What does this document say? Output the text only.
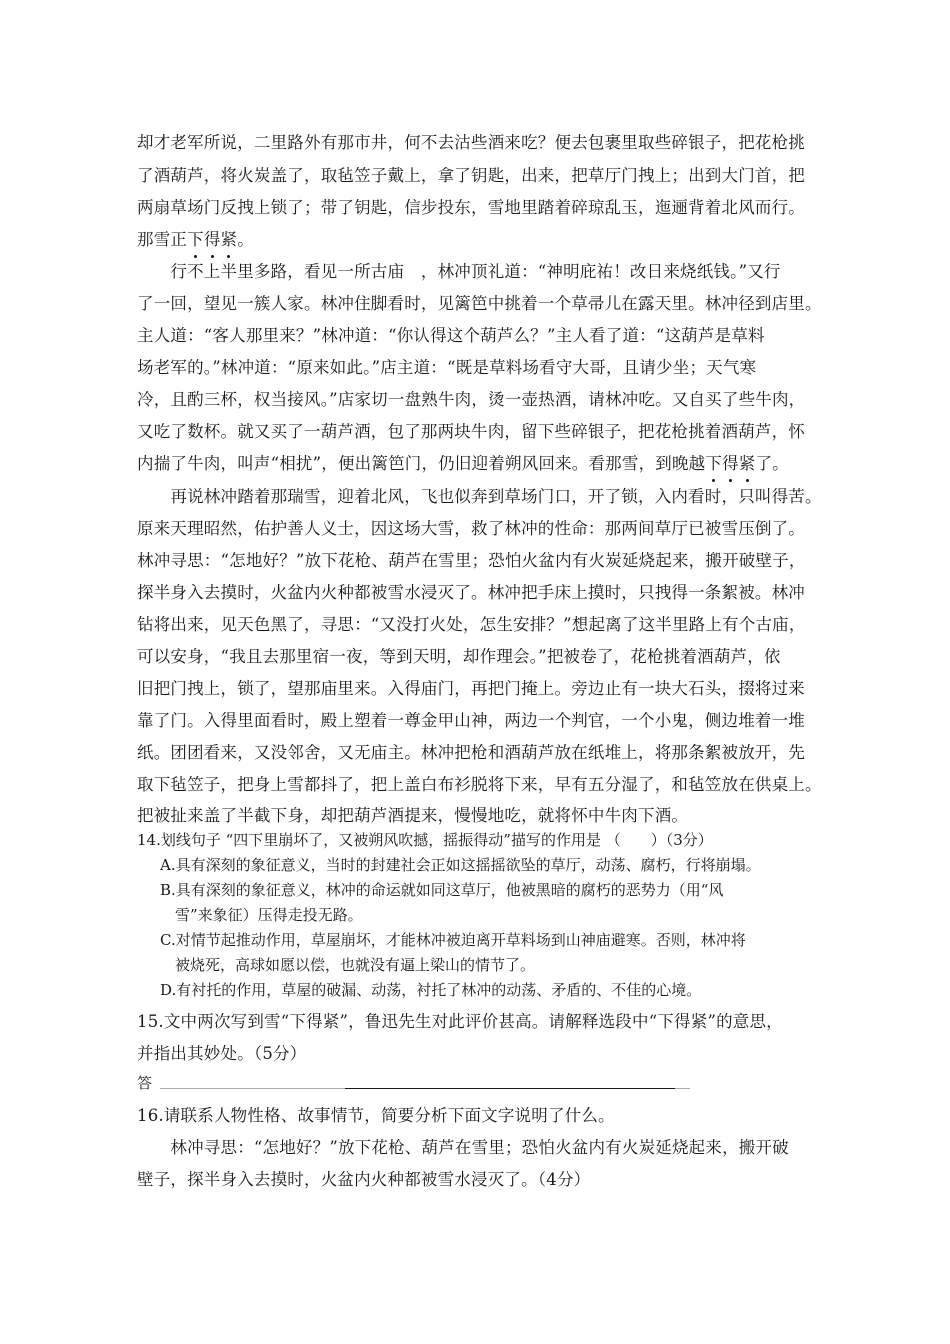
却才老军所说，二里路外有那市井，何不去沽些酒来吃？便去包裹里取些碎银子，把花枪挑
了酒葫芦，将火炭盖了，取毡笠子戴上，拿了钥匙，出来，把草厅门拽上；出到大门首，把
两扇草场门反拽上锁了；带了钥匙，信步投东，雪地里踏着碎琼乱玉，迤逦背着北风而行。
那雪正下得紧。
　　行不上半里多路，看见一所古庙　，林冲顶礼道：“神明庇祐！改日来烧纸钱。”又行
了一回，望见一簇人家。林冲住脚看时，见篱笆中挑着一个草帚儿在露天里。林冲径到店里。
主人道：“客人那里来？”林冲道：“你认得这个葫芦么？”主人看了道：“这葫芦是草料
场老军的。”林冲道：“原来如此。”店主道：“既是草料场看守大哥，且请少坐；天气寒
冷，且酌三杯，权当接风。”店家切一盘熟牛肉，烫一壶热酒，请林冲吃。又自买了些牛肉，
又吃了数杯。就又买了一葫芦酒，包了那两块牛肉，留下些碎银子，把花枪挑着酒葫芦，怀
内揣了牛肉，叫声“相扰”，便出篱笆门，仍旧迎着朔风回来。看那雪，到晚越下得紧了。
　　再说林冲踏着那瑞雪，迎着北风，飞也似奔到草场门口，开了锁，入内看时，只叫得苦。
原来天理昭然，佑护善人义士，因这场大雪，救了林冲的性命：那两间草厅已被雪压倒了。
林冲寻思：“怎地好？”放下花枪、葫芦在雪里；恐怕火盆内有火炭延烧起来，搬开破壁子，
探半身入去摸时，火盆内火种都被雪水浸灭了。林冲把手床上摸时，只拽得一条絮被。林冲
钻将出来，见天色黑了，寻思：“又没打火处，怎生安排？”想起离了这半里路上有个古庙，
可以安身，“我且去那里宿一夜，等到天明，却作理会。”把被卷了，花枪挑着酒葫芦，依
旧把门拽上，锁了，望那庙里来。入得庙门，再把门掩上。旁边止有一块大石头，掇将过来
靠了门。入得里面看时，殿上塑着一尊金甲山神，两边一个判官，一个小鬼，侧边堆着一堆
纸。团团看来，又没邻舍，又无庙主。林冲把枪和酒葫芦放在纸堆上，将那条絮被放开，先
取下毡笠子，把身上雪都抖了，把上盖白布衫脱将下来，早有五分湿了，和毡笠放在供桌上。
把被扯来盖了半截下身，却把葫芦酒提来，慢慢地吃，就将怀中牛肉下酒。
14.划线句子 “四下里崩坏了，又被朔风吹撼，摇振得动”描写的作用是 （　　）（3分）
A.具有深刻的象征意义，当时的封建社会正如这摇摇欲坠的草厅，动荡、腐朽，行将崩塌。
B.具有深刻的象征意义，林冲的命运就如同这草厅，他被黑暗的腐朽的恶势力（用“风
　雪”来象征）压得走投无路。
C.对情节起推动作用，草屋崩坏，才能林冲被迫离开草料场到山神庙避寒。否则，林冲将
　被烧死，高球如愿以偿，也就没有逼上梁山的情节了。
D.有衬托的作用，草屋的破漏、动荡，衬托了林冲的动荡、矛盾的、不佳的心境。
15.文中两次写到雪“下得紧”，鲁迅先生对此评价甚高。请解释选段中“下得紧”的意思，
并指出其妙处。（5分）
答
16.请联系人物性格、故事情节，简要分析下面文字说明了什么。
　　林冲寻思：“怎地好？”放下花枪、葫芦在雪里；恐怕火盆内有火炭延烧起来，搬开破
壁子，探半身入去摸时，火盆内火种都被雪水浸灭了。（4分）
